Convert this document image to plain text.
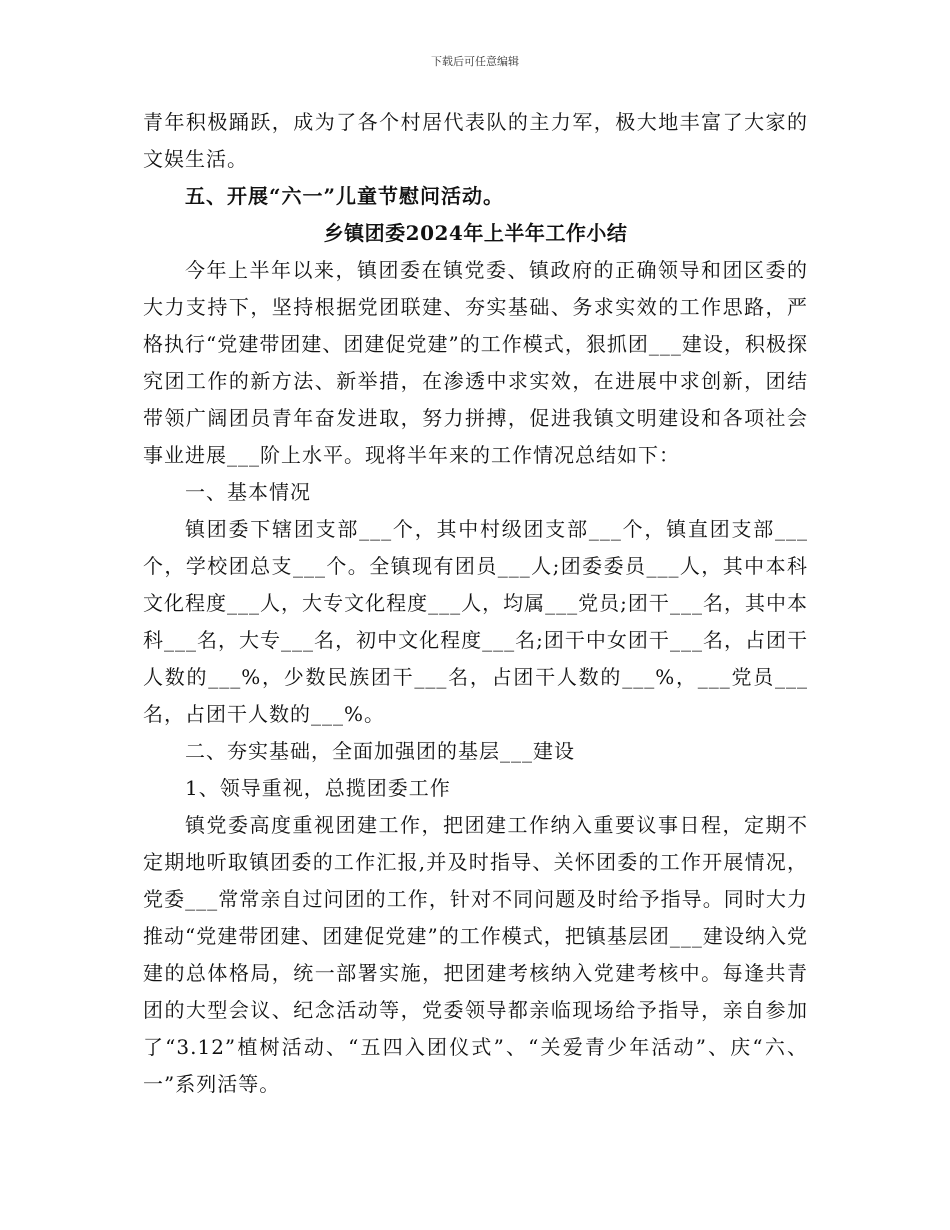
下载后可任意编辑

青年积极踊跃，成为了各个村居代表队的主力军，极大地丰富了大家的文娱生活。

五、开展“六一”儿童节慰问活动。

乡镇团委2024年上半年工作小结

今年上半年以来，镇团委在镇党委、镇政府的正确领导和团区委的大力支持下，坚持根据党团联建、夯实基础、务求实效的工作思路，严格执行“党建带团建、团建促党建”的工作模式，狠抓团___建设，积极探究团工作的新方法、新举措，在渗透中求实效，在进展中求创新，团结带领广阔团员青年奋发进取，努力拼搏，促进我镇文明建设和各项社会事业进展___阶上水平。现将半年来的工作情况总结如下：

一、基本情况

镇团委下辖团支部___个，其中村级团支部___个，镇直团支部___个，学校团总支___个。全镇现有团员___人;团委委员___人，其中本科文化程度___人，大专文化程度___人，均属___党员;团干___名，其中本科___名，大专___名，初中文化程度___名;团干中女团干___名，占团干人数的___%，少数民族团干___名，占团干人数的___%，___党员___名，占团干人数的___%。

二、夯实基础，全面加强团的基层___建设

1、领导重视，总揽团委工作

镇党委高度重视团建工作，把团建工作纳入重要议事日程，定期不定期地听取镇团委的工作汇报,并及时指导、关怀团委的工作开展情况，党委___常常亲自过问团的工作，针对不同问题及时给予指导。同时大力推动“党建带团建、团建促党建”的工作模式，把镇基层团___建设纳入党建的总体格局，统一部署实施，把团建考核纳入党建考核中。每逢共青团的大型会议、纪念活动等，党委领导都亲临现场给予指导，亲自参加了“3.12”植树活动、“五四入团仪式”、“关爱青少年活动”、庆“六、一”系列活等。
